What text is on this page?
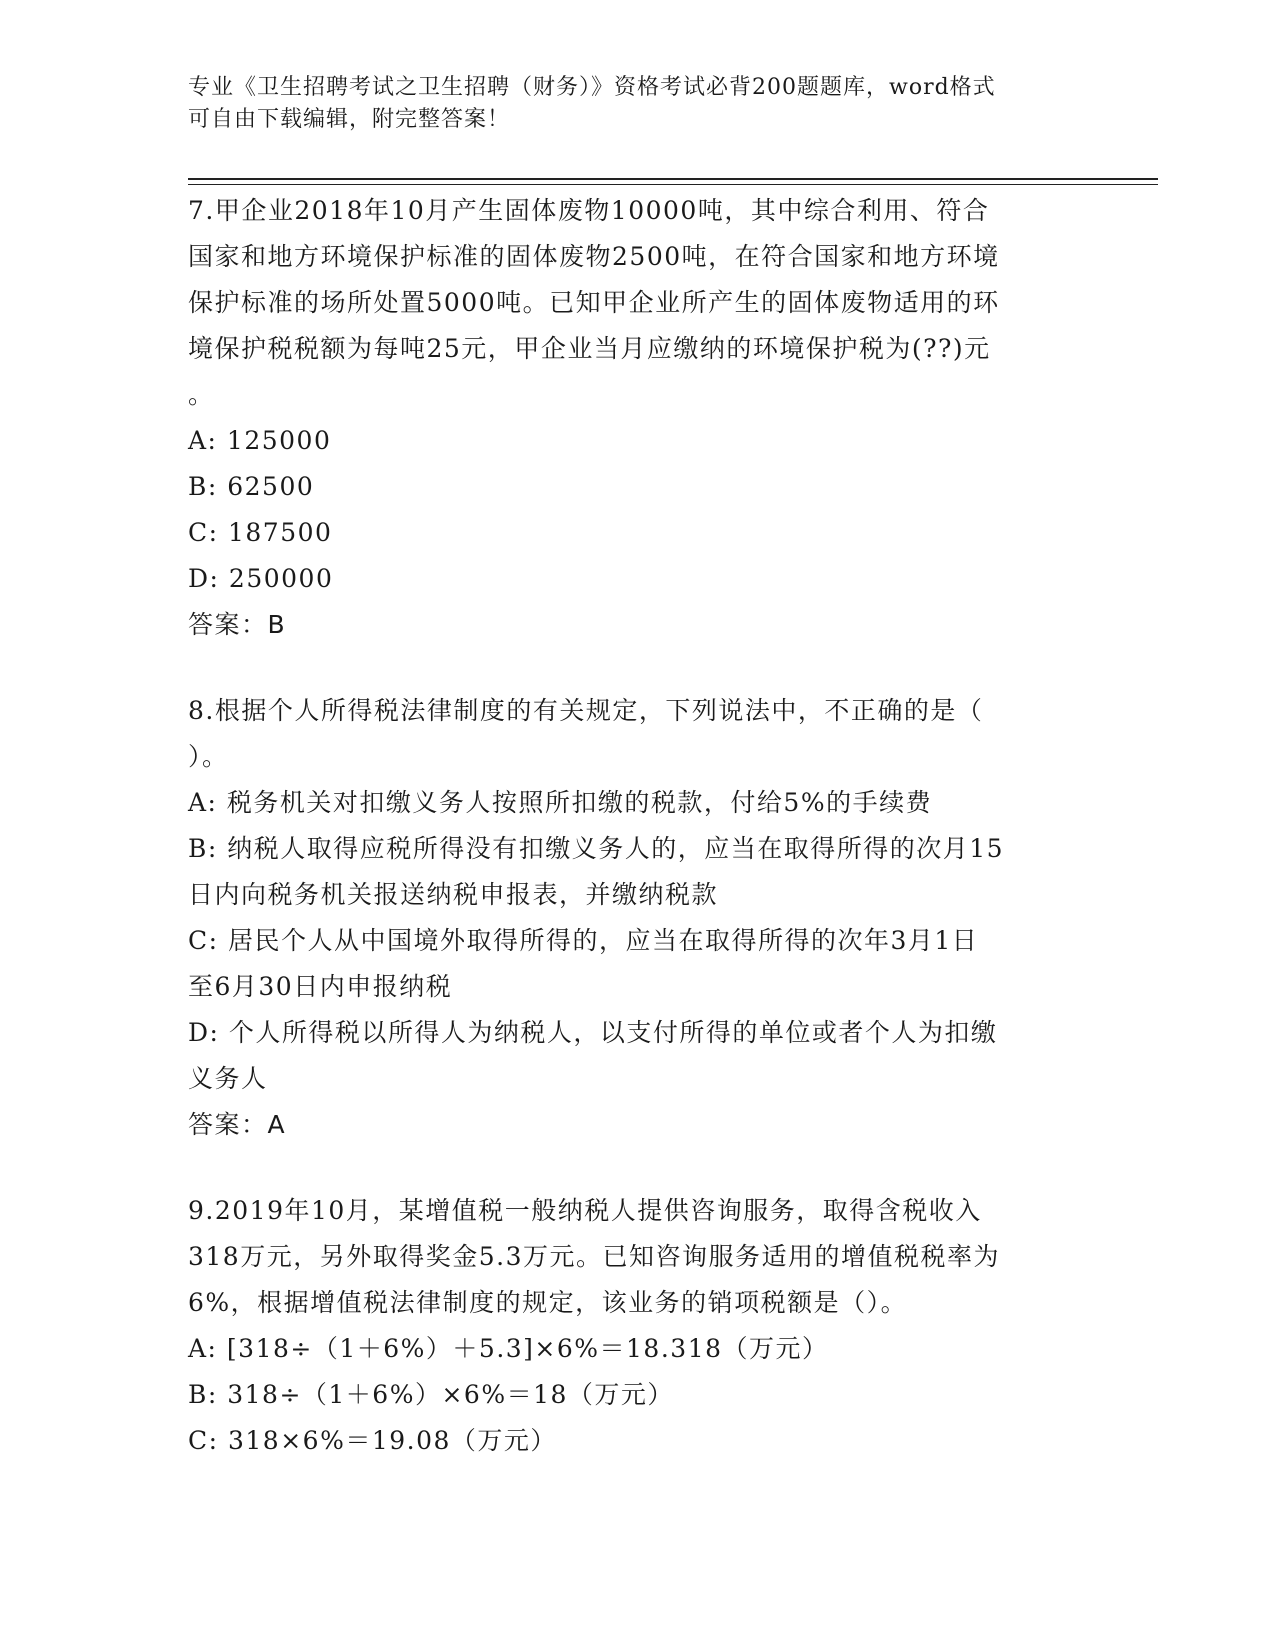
专业《卫生招聘考试之卫生招聘（财务）》资格考试必背200题题库，word格式
可自由下载编辑，附完整答案！
7.甲企业2018年10月产生固体废物10000吨，其中综合利用、符合
国家和地方环境保护标准的固体废物2500吨，在符合国家和地方环境
保护标准的场所处置5000吨。已知甲企业所产生的固体废物适用的环
境保护税税额为每吨25元，甲企业当月应缴纳的环境保护税为(??)元
。
A: 125000
B: 62500
C: 187500
D: 250000
答案：B
8.根据个人所得税法律制度的有关规定，下列说法中，不正确的是（
）。
A: 税务机关对扣缴义务人按照所扣缴的税款，付给5%的手续费
B: 纳税人取得应税所得没有扣缴义务人的，应当在取得所得的次月15
日内向税务机关报送纳税申报表，并缴纳税款
C: 居民个人从中国境外取得所得的，应当在取得所得的次年3月1日
至6月30日内申报纳税
D: 个人所得税以所得人为纳税人，以支付所得的单位或者个人为扣缴
义务人
答案：A
9.2019年10月，某增值税一般纳税人提供咨询服务，取得含税收入
318万元，另外取得奖金5.3万元。已知咨询服务适用的增值税税率为
6%，根据增值税法律制度的规定，该业务的销项税额是（）。
A: [318÷（1＋6%）＋5.3]×6%＝18.318（万元）
B: 318÷（1＋6%）×6%＝18（万元）
C: 318×6%＝19.08（万元）
